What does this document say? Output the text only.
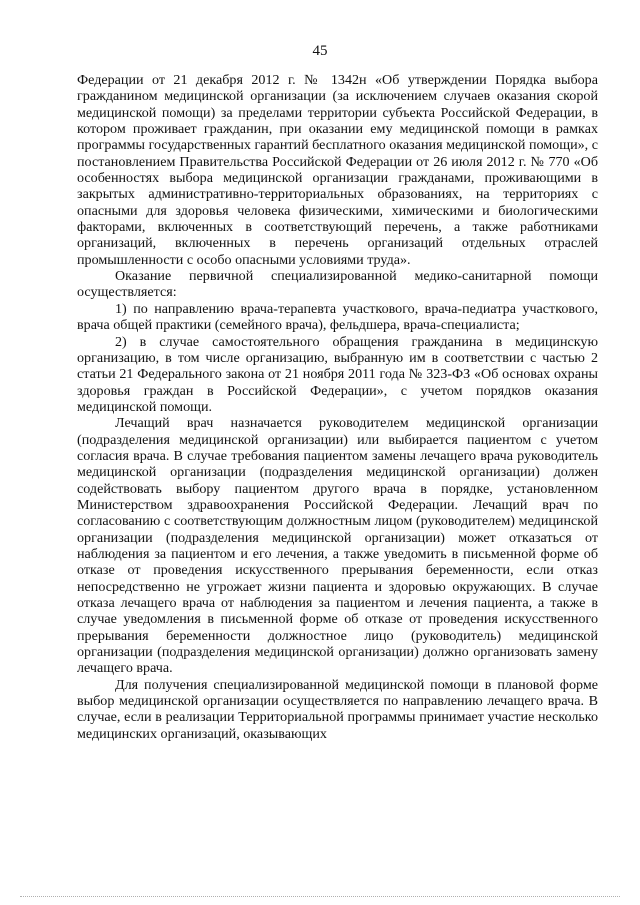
45

Федерации от 21 декабря 2012 г. № 1342н «Об утверждении Порядка выбора гражданином медицинской организации (за исключением случаев оказания скорой медицинской помощи) за пределами территории субъекта Российской Федерации, в котором проживает гражданин, при оказании ему медицинской помощи в рамках программы государственных гарантий бесплатного оказания медицинской помощи», с постановлением Правительства Российской Федерации от 26 июля 2012 г. № 770 «Об особенностях выбора медицинской организации гражданами, проживающими в закрытых административно-территориальных образованиях, на территориях с опасными для здоровья человека физическими, химическими и биологическими факторами, включенных в соответствующий перечень, а также работниками организаций, включенных в перечень организаций отдельных отраслей промышленности с особо опасными условиями труда».

Оказание первичной специализированной медико-санитарной помощи осуществляется:

1) по направлению врача-терапевта участкового, врача-педиатра участкового, врача общей практики (семейного врача), фельдшера, врача-специалиста;

2) в случае самостоятельного обращения гражданина в медицинскую организацию, в том числе организацию, выбранную им в соответствии с частью 2 статьи 21 Федерального закона от 21 ноября 2011 года № 323-ФЗ «Об основах охраны здоровья граждан в Российской Федерации», с учетом порядков оказания медицинской помощи.

Лечащий врач назначается руководителем медицинской организации (подразделения медицинской организации) или выбирается пациентом с учетом согласия врача. В случае требования пациентом замены лечащего врача руководитель медицинской организации (подразделения медицинской организации) должен содействовать выбору пациентом другого врача в порядке, установленном Министерством здравоохранения Российской Федерации. Лечащий врач по согласованию с соответствующим должностным лицом (руководителем) медицинской организации (подразделения медицинской организации) может отказаться от наблюдения за пациентом и его лечения, а также уведомить в письменной форме об отказе от проведения искусственного прерывания беременности, если отказ непосредственно не угрожает жизни пациента и здоровью окружающих. В случае отказа лечащего врача от наблюдения за пациентом и лечения пациента, а также в случае уведомления в письменной форме об отказе от проведения искусственного прерывания беременности должностное лицо (руководитель) медицинской организации (подразделения медицинской организации) должно организовать замену лечащего врача.

Для получения специализированной медицинской помощи в плановой форме выбор медицинской организации осуществляется по направлению лечащего врача. В случае, если в реализации Территориальной программы принимает участие несколько медицинских организаций, оказывающих
